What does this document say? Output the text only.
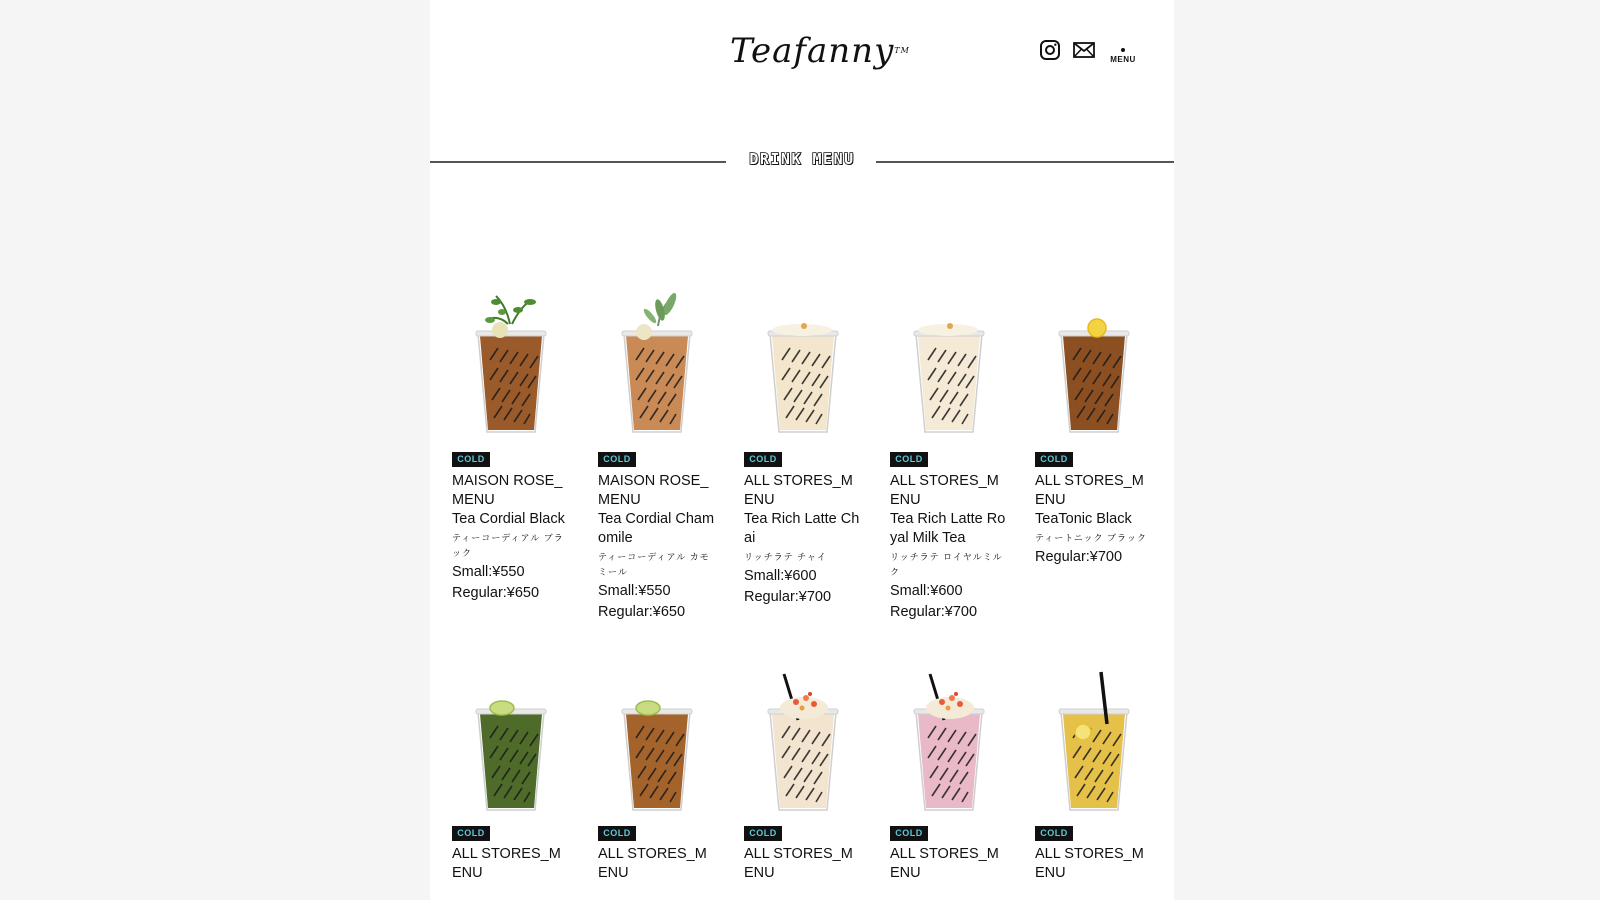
Teafanny™
MENU
DRINK MENU
COLD
MAISON ROSE_MENU
Tea Cordial Black
ティーコーディアル ブラック
Small:¥550
Regular:¥650
COLD
MAISON ROSE_MENU
Tea Cordial Chamomile
ティーコーディアル カモミール
Small:¥550
Regular:¥650
COLD
ALL STORES_MENU
Tea Rich Latte Chai
リッチラテ チャイ
Small:¥600
Regular:¥700
COLD
ALL STORES_MENU
Tea Rich Latte Royal Milk Tea
リッチラテ ロイヤルミルク
Small:¥600
Regular:¥700
COLD
ALL STORES_MENU
TeaTonic Black
ティートニック ブラック
Regular:¥700
COLD
ALL STORES_MENU
COLD
ALL STORES_MENU
COLD
ALL STORES_MENU
COLD
ALL STORES_MENU
COLD
ALL STORES_MENU
